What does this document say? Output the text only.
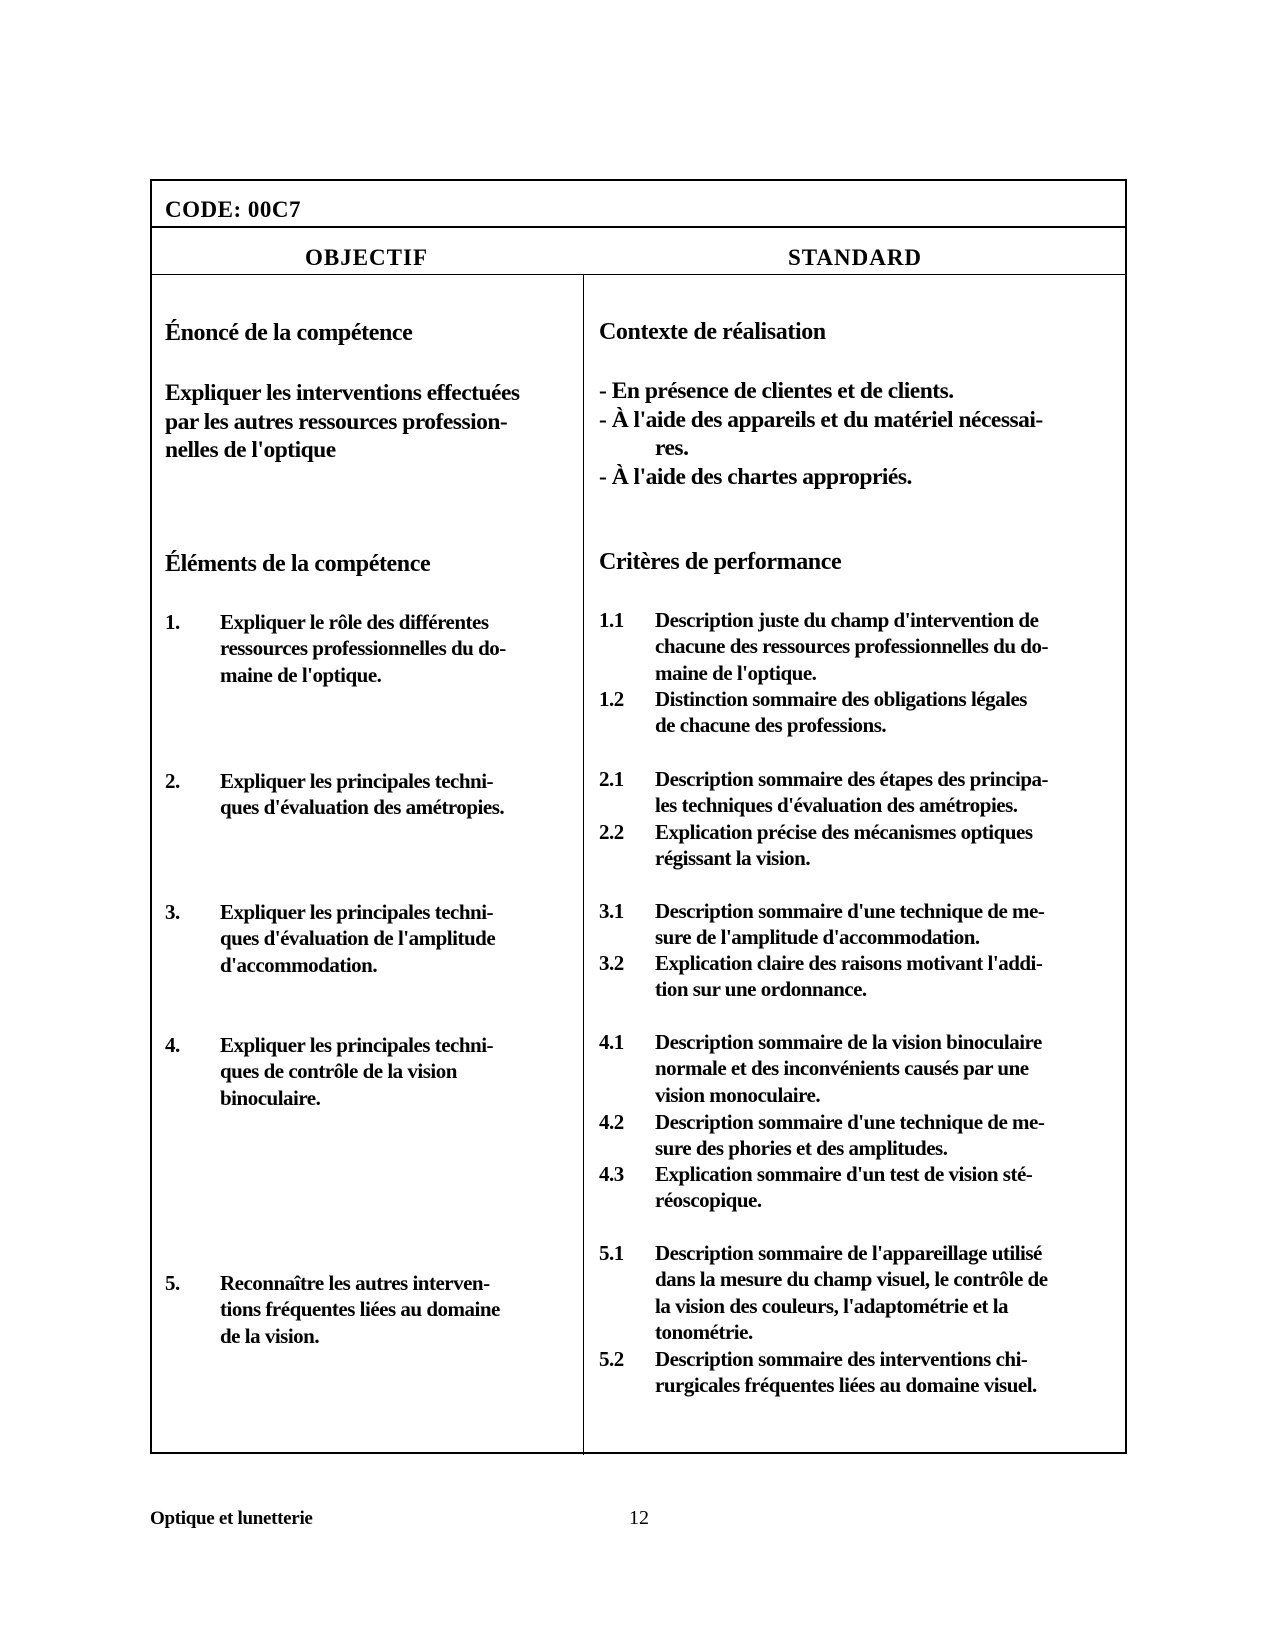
CODE: 00C7
OBJECTIF	STANDARD
Énoncé de la compétence
Expliquer les interventions effectuées
par les autres ressources profession-
nelles de l'optique
Éléments de la compétence
1. Expliquer le rôle des différentes
ressources professionnelles du do-
maine de l'optique.
2. Expliquer les principales techni-
ques d'évaluation des amétropies.
3. Expliquer les principales techni-
ques d'évaluation de l'amplitude
d'accommodation.
4. Expliquer les principales techni-
ques de contrôle de la vision
binoculaire.
5. Reconnaître les autres interven-
tions fréquentes liées au domaine
de la vision.
Contexte de réalisation
- En présence de clientes et de clients.
- À l'aide des appareils et du matériel nécessai-
res.
- À l'aide des chartes appropriés.
Critères de performance
1.1 Description juste du champ d'intervention de
chacune des ressources professionnelles du do-
maine de l'optique.
1.2 Distinction sommaire des obligations légales
de chacune des professions.
2.1 Description sommaire des étapes des principa-
les techniques d'évaluation des amétropies.
2.2 Explication précise des mécanismes optiques
régissant la vision.
3.1 Description sommaire d'une technique de me-
sure de l'amplitude d'accommodation.
3.2 Explication claire des raisons motivant l'addi-
tion sur une ordonnance.
4.1 Description sommaire de la vision binoculaire
normale et des inconvénients causés par une
vision monoculaire.
4.2 Description sommaire d'une technique de me-
sure des phories et des amplitudes.
4.3 Explication sommaire d'un test de vision sté-
réoscopique.
5.1 Description sommaire de l'appareillage utilisé
dans la mesure du champ visuel, le contrôle de
la vision des couleurs, l'adaptométrie et la
tonométrie.
5.2 Description sommaire des interventions chi-
rurgicales fréquentes liées au domaine visuel.
Optique et lunetterie	12
